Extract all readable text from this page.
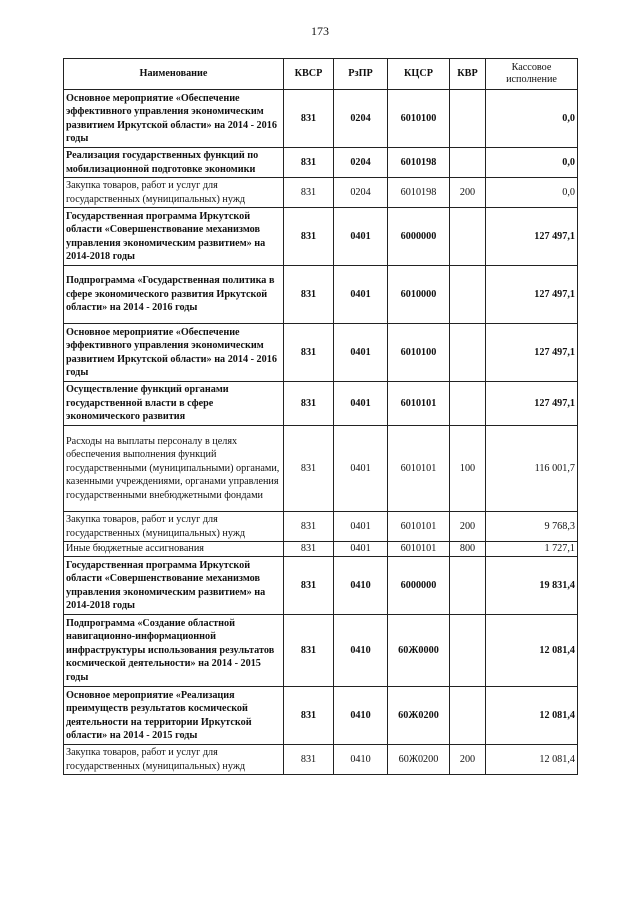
173
Наименование	КВСР	РзПР	КЦСР	КВР	Кассовое исполнение
Основное мероприятие «Обеспечение эффективного управления экономическим развитием Иркутской области» на 2014 - 2016 годы	831	0204	6010100		0,0
Реализация государственных функций по мобилизационной подготовке экономики	831	0204	6010198		0,0
Закупка товаров, работ и услуг для государственных (муниципальных) нужд	831	0204	6010198	200	0,0
Государственная программа Иркутской области «Совершенствование механизмов управления экономическим развитием» на 2014-2018 годы	831	0401	6000000		127 497,1
Подпрограмма «Государственная политика в сфере экономического развития Иркутской области» на 2014 - 2016 годы	831	0401	6010000		127 497,1
Основное мероприятие «Обеспечение эффективного управления экономическим развитием Иркутской области» на 2014 - 2016 годы	831	0401	6010100		127 497,1
Осуществление функций органами государственной власти в сфере экономического развития	831	0401	6010101		127 497,1
Расходы на выплаты персоналу в целях обеспечения выполнения функций государственными (муниципальными) органами, казенными учреждениями, органами управления государственными внебюджетными фондами	831	0401	6010101	100	116 001,7
Закупка товаров, работ и услуг для государственных (муниципальных) нужд	831	0401	6010101	200	9 768,3
Иные бюджетные ассигнования	831	0401	6010101	800	1 727,1
Государственная программа Иркутской области «Совершенствование механизмов управления экономическим развитием» на 2014-2018 годы	831	0410	6000000		19 831,4
Подпрограмма «Создание областной навигационно-информационной инфраструктуры использования результатов космической деятельности» на 2014 - 2015 годы	831	0410	60Ж0000		12 081,4
Основное мероприятие «Реализация преимуществ результатов космической деятельности на территории Иркутской области» на 2014 - 2015 годы	831	0410	60Ж0200		12 081,4
Закупка товаров, работ и услуг для государственных (муниципальных) нужд	831	0410	60Ж0200	200	12 081,4
